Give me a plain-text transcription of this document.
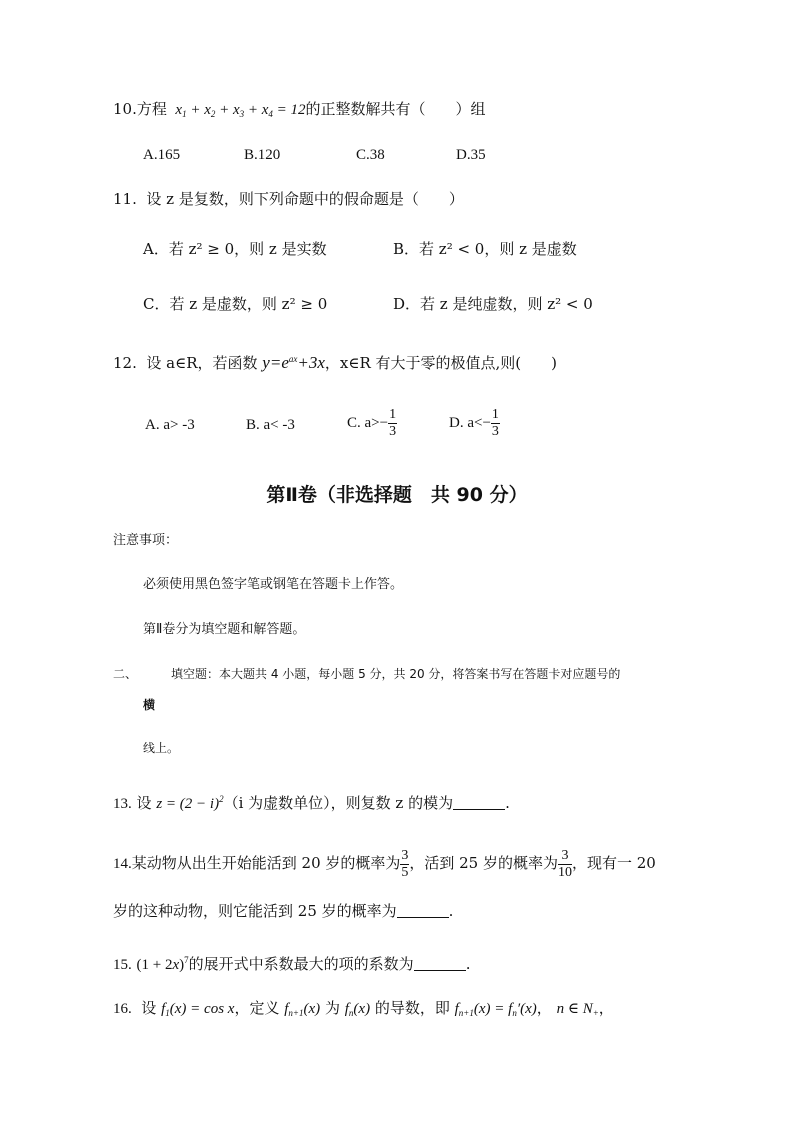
10.方程  $x_1 + x_2 + x_3 + x_4 = 12$的正整数解共有（　　）组
A.165	B.120	C.38	D.35
11. 设 z 是复数，则下列命题中的假命题是（　　）
A．若 z² ≥ 0，则 z 是实数	B．若 z² < 0，则 z 是虚数
C．若 z 是虚数，则 z² ≥ 0	D．若 z 是纯虚数，则 z² < 0
12. 设 a∈R，若函数 $y=e^{ax}+3x$，x∈R 有大于零的极值点,则(　　)
A. a> -3	B. a< -3	C. $a>- \frac{1}{3}$	D. $a<- \frac{1}{3}$
第Ⅱ卷（非选择题　共 90 分）
注意事项：
必须使用黑色签字笔或钢笔在答题卡上作答。
第Ⅱ卷分为填空题和解答题。
二、	填空题：本大题共 4 小题，每小题 5 分，共 20 分，将答案书写在答题卡对应题号的
横
线上。
13. 设 $z = (2 - i)^2(i$ 为虚数单位），则复数 z 的模为	.
14.某动物从出生开始能活到 20 岁的概率为 $\frac{3}{5}$ ，活到 25 岁的概率为 $\frac{3}{10}$ ，现有一 20
岁的这种动物，则它能活到 25 岁的概率为	.
15. $(1 + 2x)^7$的展开式中系数最大的项的系数为	.
16. 设 $f_1(x) = \cos x$，定义 $f_{n+1}(x)$ 为 $f_n(x)$ 的导数，即 $f_{n+1}(x) = f_n'(x)$， n ∈ $N_+$，
